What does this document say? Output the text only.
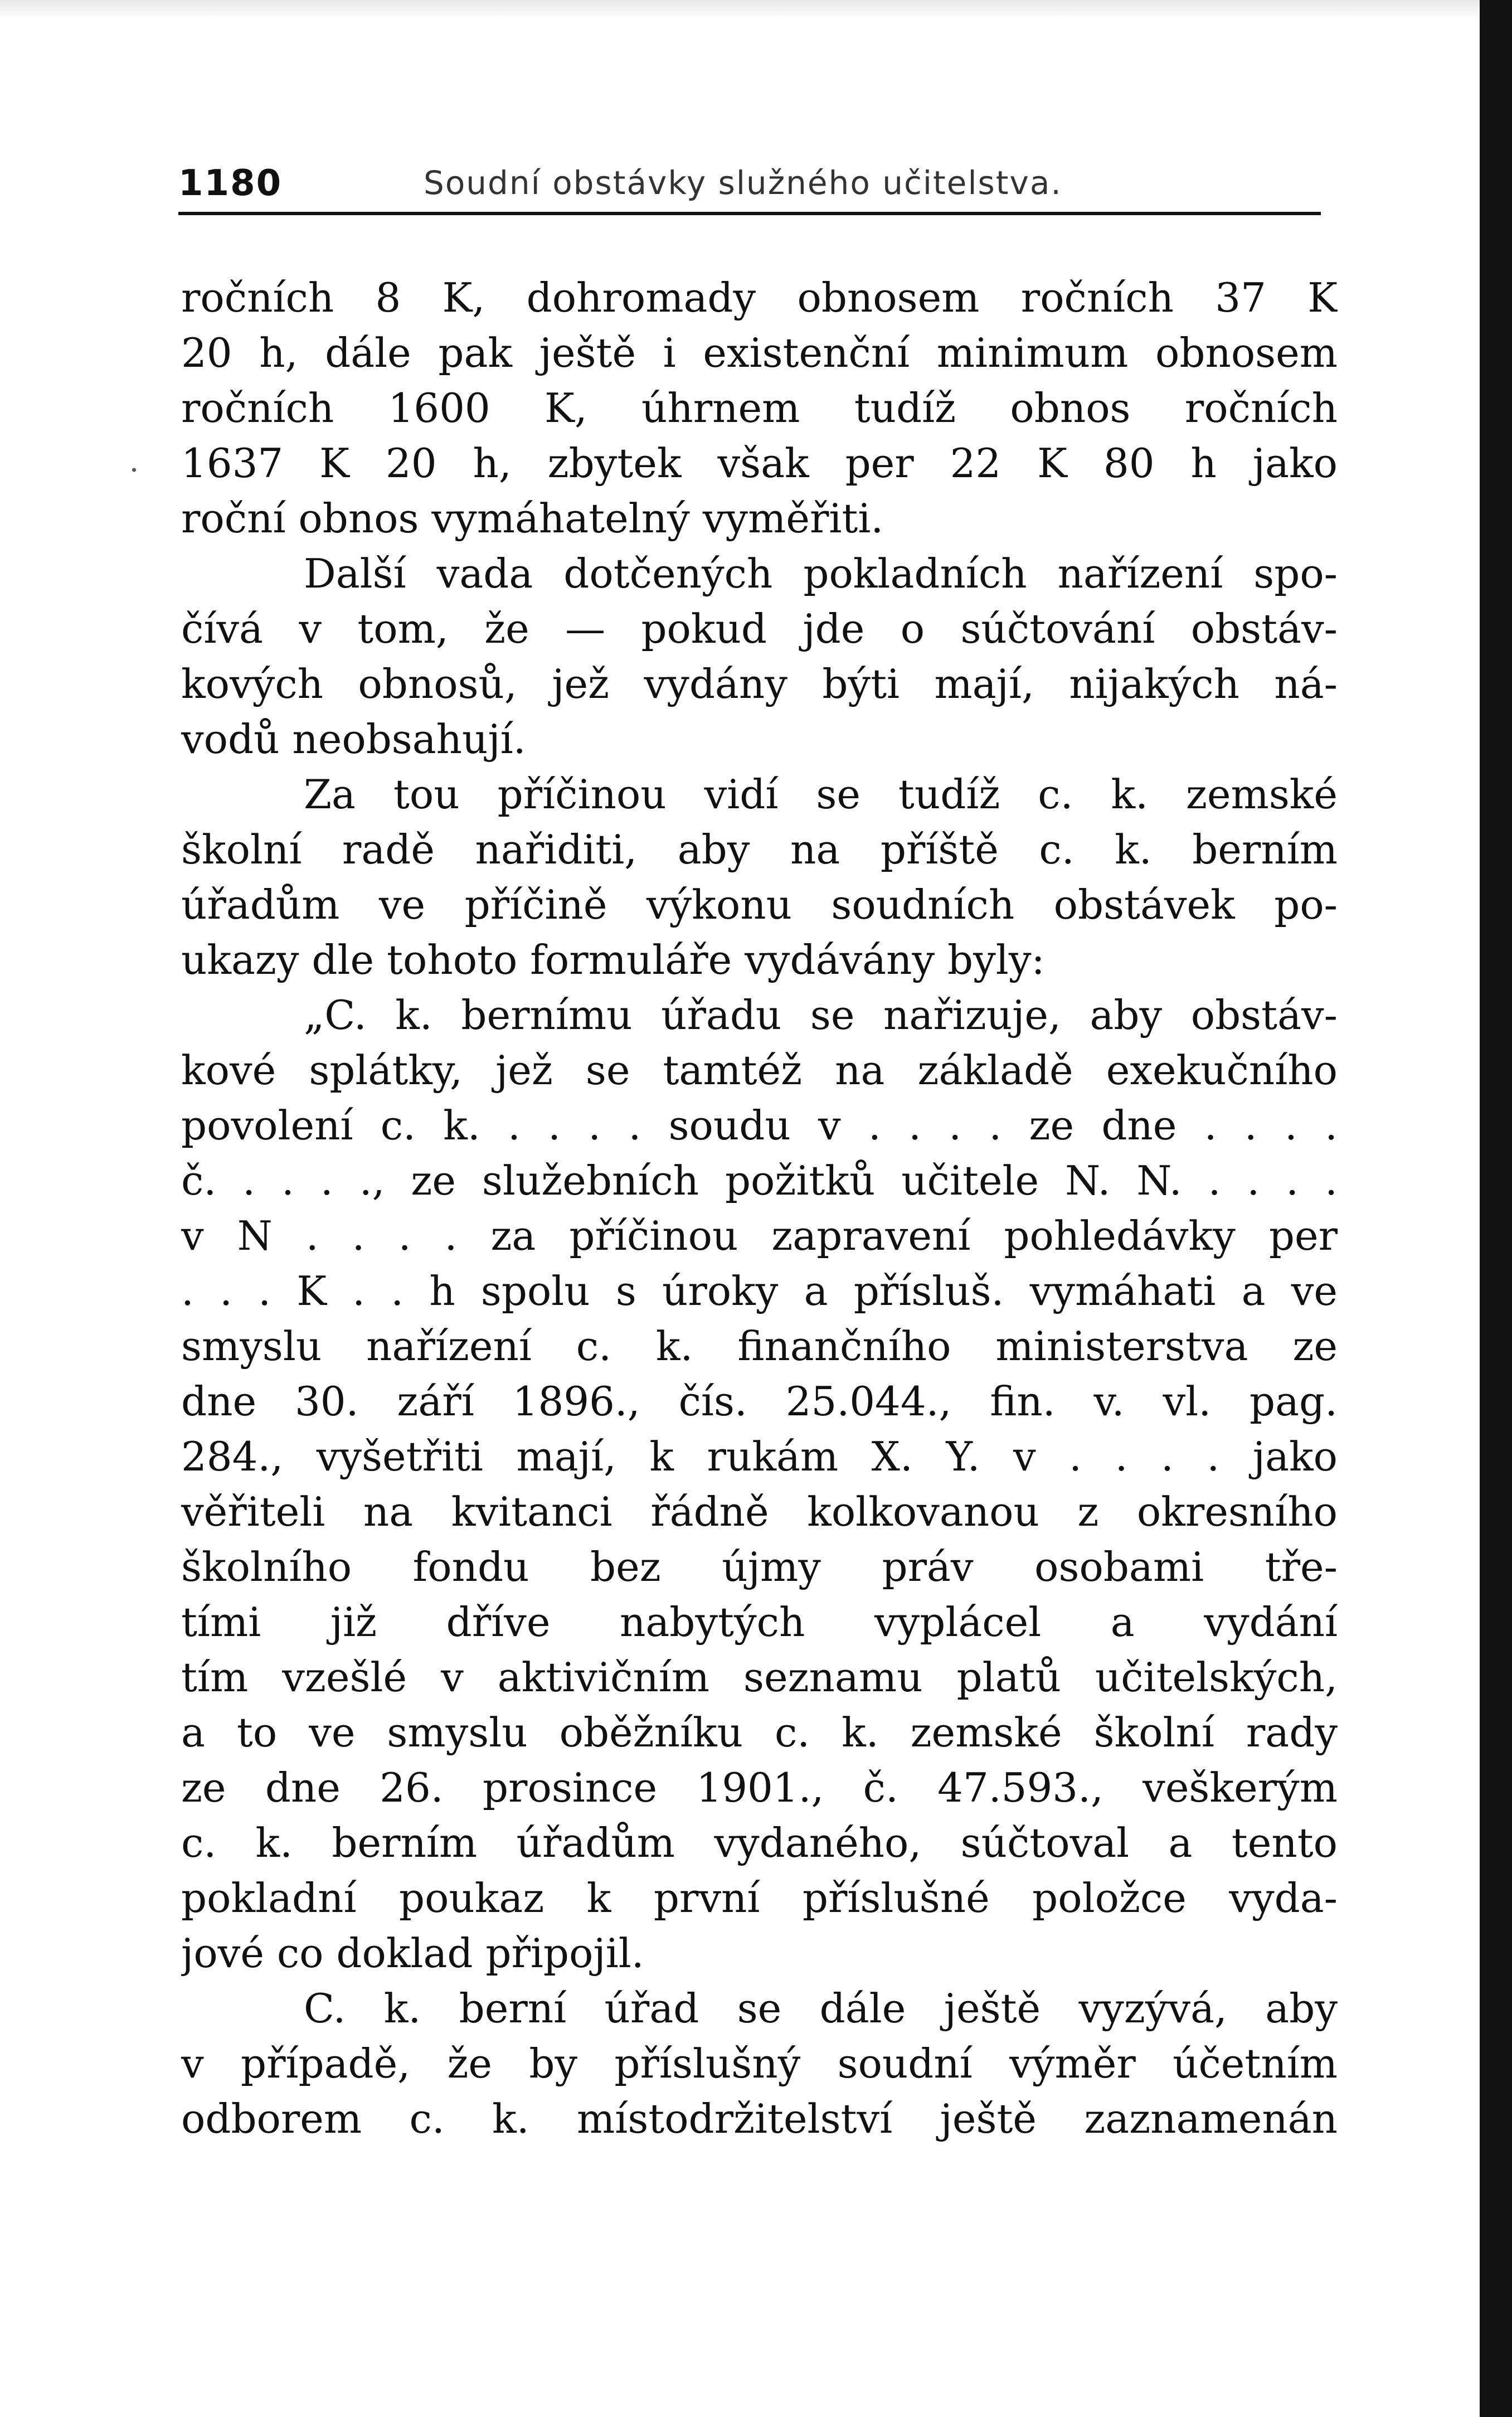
1180	Soudní obstávky služného učitelstva.
·
ročních 8 K, dohromady obnosem ročních 37 K
20 h, dále pak ještě i existenční minimum obnosem
ročních 1600 K, úhrnem tudíž obnos ročních
1637 K 20 h, zbytek však per 22 K 80 h jako
roční obnos vymáhatelný vyměřiti.
Další vada dotčených pokladních nařízení spo-
čívá v tom, že — pokud jde o súčtování obstáv-
kových obnosů, jež vydány býti mají, nijakých ná-
vodů neobsahují.
Za tou příčinou vidí se tudíž c. k. zemské
školní radě nařiditi, aby na příště c. k. berním
úřadům ve příčině výkonu soudních obstávek po-
ukazy dle tohoto formuláře vydávány byly:
„C. k. bernímu úřadu se nařizuje, aby obstáv-
kové splátky, jež se tamtéž na základě exekučního
povolení c. k. . . . . soudu v . . . . ze dne . . . .
č. . . . ., ze služebních požitků učitele N. N. . . . .
v N . . . . za příčinou zapravení pohledávky per
. . . K . . h spolu s úroky a přísluš. vymáhati a ve
smyslu nařízení c. k. finančního ministerstva ze
dne 30. září 1896., čís. 25.044., fin. v. vl. pag.
284., vyšetřiti mají, k rukám X. Y. v . . . . jako
věřiteli na kvitanci řádně kolkovanou z okresního
školního fondu bez újmy práv osobami tře-
tími již dříve nabytých vyplácel a vydání
tím vzešlé v aktivičním seznamu platů učitelských,
a to ve smyslu oběžníku c. k. zemské školní rady
ze dne 26. prosince 1901., č. 47.593., veškerým
c. k. berním úřadům vydaného, súčtoval a tento
pokladní poukaz k první příslušné položce vyda-
jové co doklad připojil.
C. k. berní úřad se dále ještě vyzývá, aby
v případě, že by příslušný soudní výměr účetním
odborem c. k. místodržitelství ještě zaznamenán
